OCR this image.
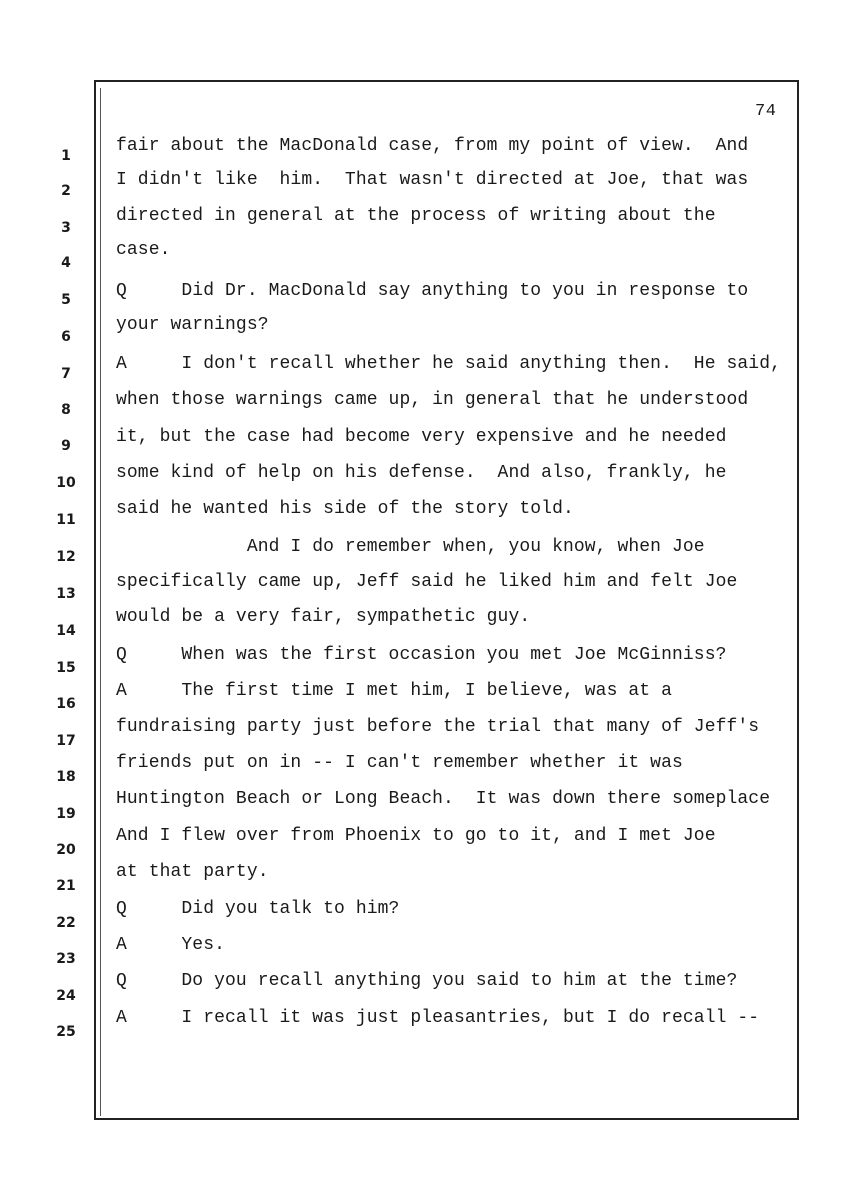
74
1	fair about the MacDonald case, from my point of view.  And
2
I didn't like  him.  That wasn't directed at Joe, that was
3
directed in general at the process of writing about the
4
case.
5	Q     Did Dr. MacDonald say anything to you in response to
6
your warnings?
7	A     I don't recall whether he said anything then.  He said,
8	when those warnings came up, in general that he understood
9	it, but the case had become very expensive and he needed
10	some kind of help on his defense.  And also, frankly, he
11
said he wanted his side of the story told.
12	And I do remember when, you know, when Joe
13
specifically came up, Jeff said he liked him and felt Joe
14
would be a very fair, sympathetic guy.
15
Q     When was the first occasion you met Joe McGinniss?
16
A     The first time I met him, I believe, was at a
17
fundraising party just before the trial that many of Jeff's
18
friends put on in -- I can't remember whether it was
19
Huntington Beach or Long Beach.  It was down there someplace
20
And I flew over from Phoenix to go to it, and I met Joe
21
at that party.
22
Q     Did you talk to him?
23
A     Yes.
24
Q     Do you recall anything you said to him at the time?
25
A     I recall it was just pleasantries, but I do recall --
